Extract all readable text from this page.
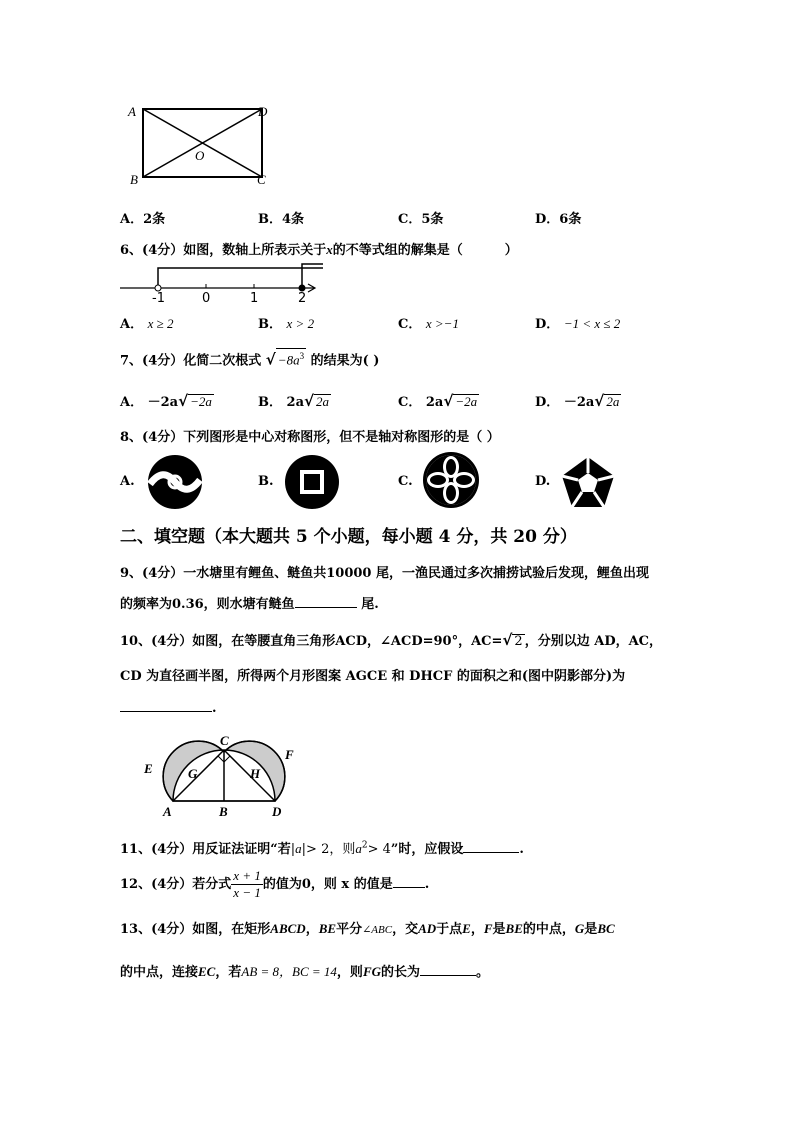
A
B	C
D
O
A．2条	B．4条	C．5条	D．6条
6、(4分）如图，数轴上所表示关于x的不等式组的解集是（	）
-1	0	1	2
A． x ≥ 2	B． x > 2	C． x >−1	D． −1 < x ≤ 2
7、(4分）化简二次根式 √ $-8a^3$ 的结果为( )
A． －2a√ −2a	B． 2a√ 2a	C． 2a√ −2a	D． －2a√ 2a
8、(4分）下列图形是中心对称图形，但不是轴对称图形的是（ ）
A.	B.	C.	D.
二、填空题（本大题共 5 个小题，每小题 4 分，共 20 分）
9、(4分）一水塘里有鲤鱼、鲢鱼共10000 尾，一渔民通过多次捕捞试验后发现，鲤鱼出现
的频率为0.36，则水塘有鲢鱼	尾.
10、(4分）如图，在等腰直角三角形ACD，∠ACD=90°，AC=√ 2 ，分别以边 AD，AC，
CD 为直径画半图，所得两个月形图案 AGCE 和 DHCF 的面积之和(图中阴影部分)为
.
C
E
F
G	H
A	B	D
11、(4分）用反证法证明“若|a|> 2，则$a^2> 4$”时，应假设	.
12、(4分）若分式 $\frac{x + 1}{x - 1}$ 的值为0，则 x 的值是 .
13、(4分）如图，在矩形ABCD，BE平分∠ABC，交AD于点E，F是BE的中点，G是BC
的中点，连接EC，若AB = 8，BC = 14，则FG的长为	。
